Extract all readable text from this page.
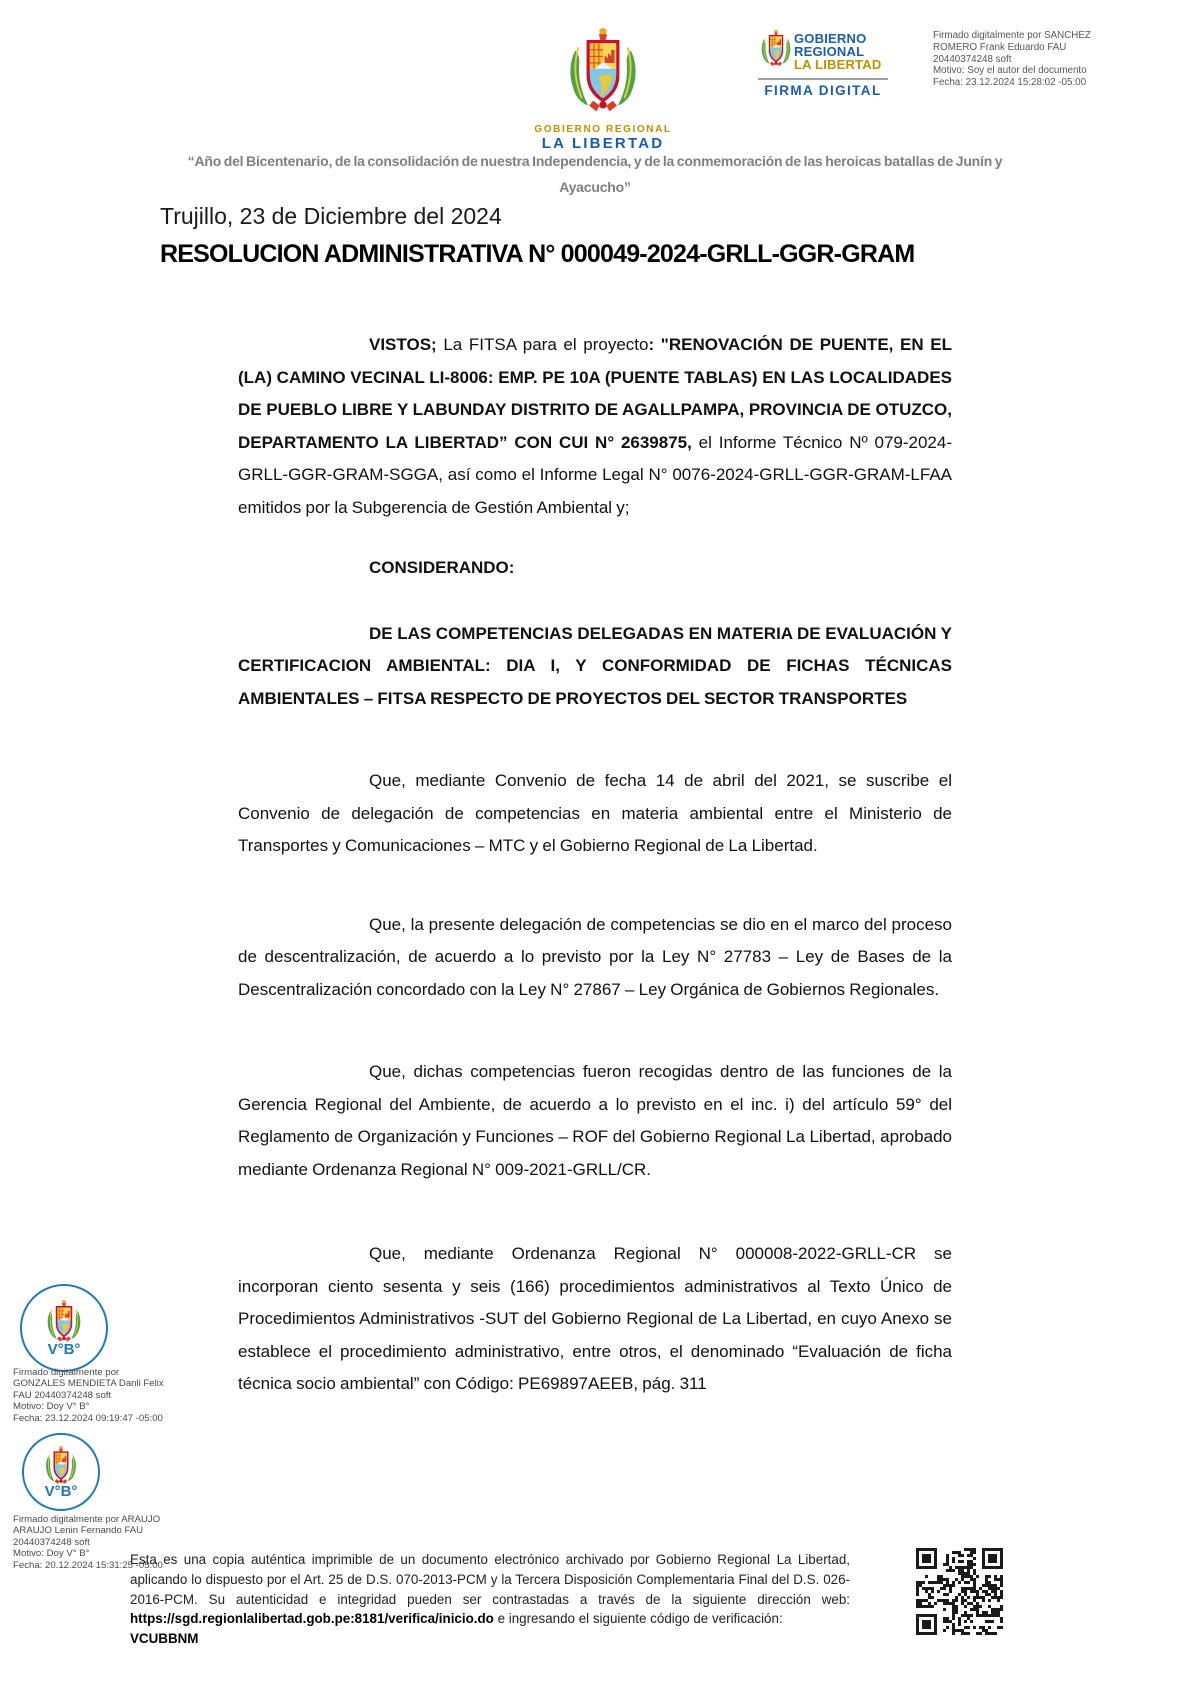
GOBIERNO REGIONAL
LA LIBERTAD
GOBIERNO
REGIONAL
LA LIBERTAD
FIRMA DIGITAL
Firmado digitalmente por SANCHEZ
ROMERO Frank Eduardo FAU
20440374248 soft
Motivo: Soy el autor del documento
Fecha: 23.12.2024 15:28:02 -05:00
“Año del Bicentenario, de la consolidación de nuestra Independencia, y de la conmemoración de las heroicas batallas de Junín y Ayacucho”
Trujillo, 23 de Diciembre del 2024
RESOLUCION ADMINISTRATIVA N° 000049-2024-GRLL-GGR-GRAM

VISTOS; La FITSA para el proyecto: "RENOVACIÓN DE PUENTE, EN EL (LA) CAMINO VECINAL LI-8006: EMP. PE 10A (PUENTE TABLAS) EN LAS LOCALIDADES DE PUEBLO LIBRE Y LABUNDAY DISTRITO DE AGALLPAMPA, PROVINCIA DE OTUZCO, DEPARTAMENTO LA LIBERTAD” CON CUI N° 2639875, el Informe Técnico Nº 079-2024-GRLL-GGR-GRAM-SGGA, así como el Informe Legal N° 0076-2024-GRLL-GGR-GRAM-LFAA emitidos por la Subgerencia de Gestión Ambiental y;

CONSIDERANDO:

DE LAS COMPETENCIAS DELEGADAS EN MATERIA DE EVALUACIÓN Y CERTIFICACION AMBIENTAL: DIA I, Y CONFORMIDAD DE FICHAS TÉCNICAS AMBIENTALES – FITSA RESPECTO DE PROYECTOS DEL SECTOR TRANSPORTES

Que, mediante Convenio de fecha 14 de abril del 2021, se suscribe el Convenio de delegación de competencias en materia ambiental entre el Ministerio de Transportes y Comunicaciones – MTC y el Gobierno Regional de La Libertad.

Que, la presente delegación de competencias se dio en el marco del proceso de descentralización, de acuerdo a lo previsto por la Ley N° 27783 – Ley de Bases de la Descentralización concordado con la Ley N° 27867 – Ley Orgánica de Gobiernos Regionales.

Que, dichas competencias fueron recogidas dentro de las funciones de la Gerencia Regional del Ambiente, de acuerdo a lo previsto en el inc. i) del artículo 59° del Reglamento de Organización y Funciones – ROF del Gobierno Regional La Libertad, aprobado mediante Ordenanza Regional N° 009-2021-GRLL/CR.

Que, mediante Ordenanza Regional N° 000008-2022-GRLL-CR se incorporan ciento sesenta y seis (166) procedimientos administrativos al Texto Único de Procedimientos Administrativos -SUT del Gobierno Regional de La Libertad, en cuyo Anexo se establece el procedimiento administrativo, entre otros, el denominado “Evaluación de ficha técnica socio ambiental” con Código: PE69897AEEB, pág. 311

V°B°
Firmado digitalmente por
GONZALES MENDIETA Danli Felix
FAU 20440374248 soft
Motivo: Doy V° B°
Fecha: 23.12.2024 09:19:47 -05:00
V°B°
Firmado digitalmente por ARAUJO
ARAUJO Lenin Fernando FAU
20440374248 soft
Motivo: Doy V° B°
Fecha: 20.12.2024 15:31:25 -05:00
Esta es una copia auténtica imprimible de un documento electrónico archivado por Gobierno Regional La Libertad, aplicando lo dispuesto por el Art. 25 de D.S. 070-2013-PCM y la Tercera Disposición Complementaria Final del D.S. 026- 2016-PCM. Su autenticidad e integridad pueden ser contrastadas a través de la siguiente dirección web: https://sgd.regionlalibertad.gob.pe:8181/verifica/inicio.do e ingresando el siguiente código de verificación:
VCUBBNM
